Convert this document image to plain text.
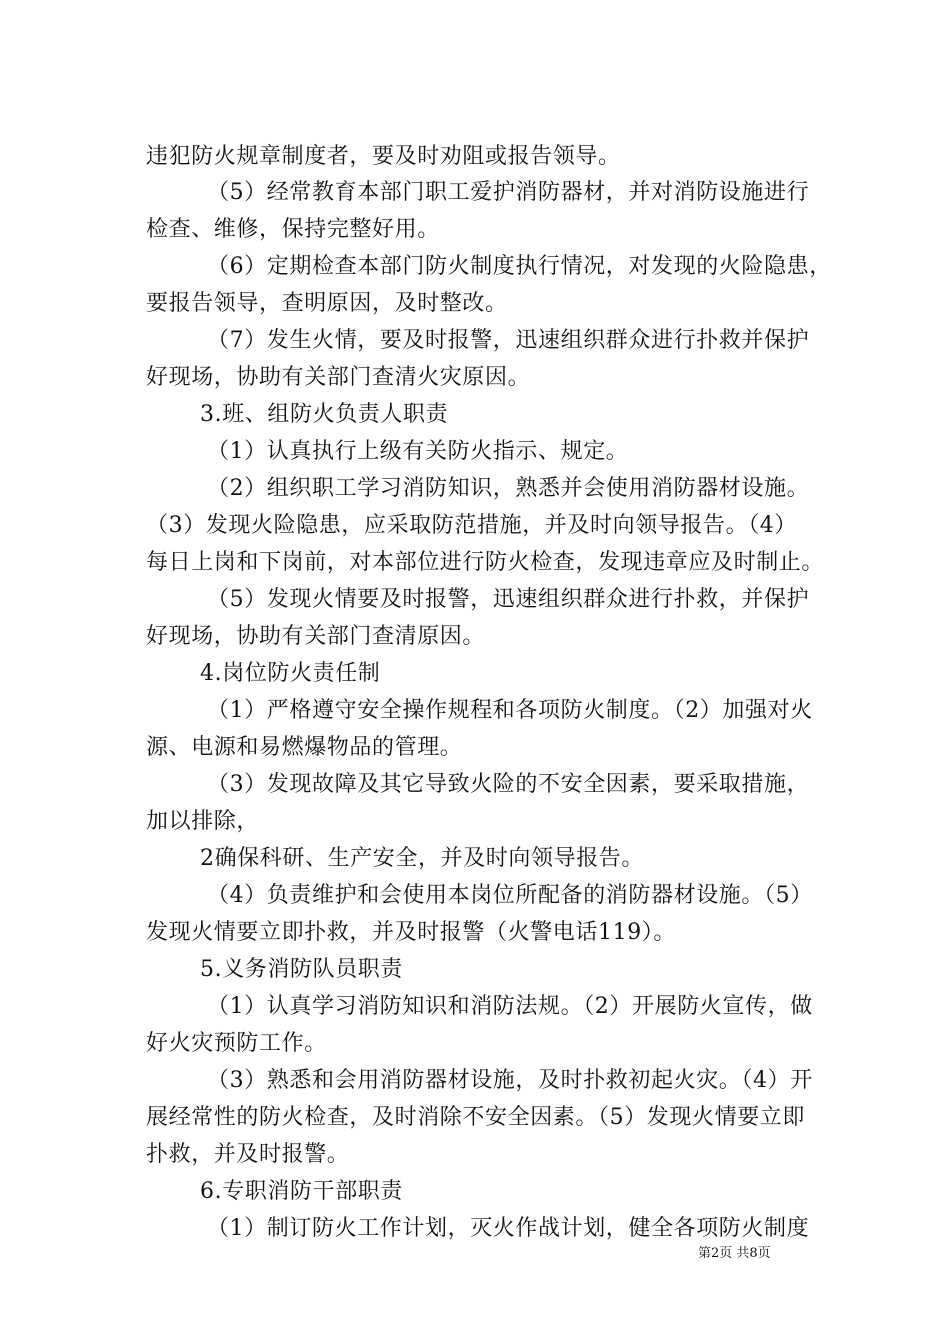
违犯防火规章制度者，要及时劝阻或报告领导。

（5）经常教育本部门职工爱护消防器材，并对消防设施进行

检查、维修，保持完整好用。

（6）定期检查本部门防火制度执行情况，对发现的火险隐患，

要报告领导，查明原因，及时整改。

（7）发生火情，要及时报警，迅速组织群众进行扑救并保护

好现场，协助有关部门查清火灾原因。

3.班、组防火负责人职责

（1）认真执行上级有关防火指示、规定。

（2）组织职工学习消防知识，熟悉并会使用消防器材设施。

（3）发现火险隐患，应采取防范措施，并及时向领导报告。（4）

每日上岗和下岗前，对本部位进行防火检查，发现违章应及时制止。

（5）发现火情要及时报警，迅速组织群众进行扑救，并保护

好现场，协助有关部门查清原因。

4.岗位防火责任制

（1）严格遵守安全操作规程和各项防火制度。（2）加强对火

源、电源和易燃爆物品的管理。

（3）发现故障及其它导致火险的不安全因素，要采取措施，

加以排除，

2确保科研、生产安全，并及时向领导报告。

（4）负责维护和会使用本岗位所配备的消防器材设施。（5）

发现火情要立即扑救，并及时报警（火警电话119）。

5.义务消防队员职责

（1）认真学习消防知识和消防法规。（2）开展防火宣传，做

好火灾预防工作。

（3）熟悉和会用消防器材设施，及时扑救初起火灾。（4）开

展经常性的防火检查，及时消除不安全因素。（5）发现火情要立即

扑救，并及时报警。

6.专职消防干部职责

（1）制订防火工作计划，灭火作战计划，健全各项防火制度

第2页 共8页
